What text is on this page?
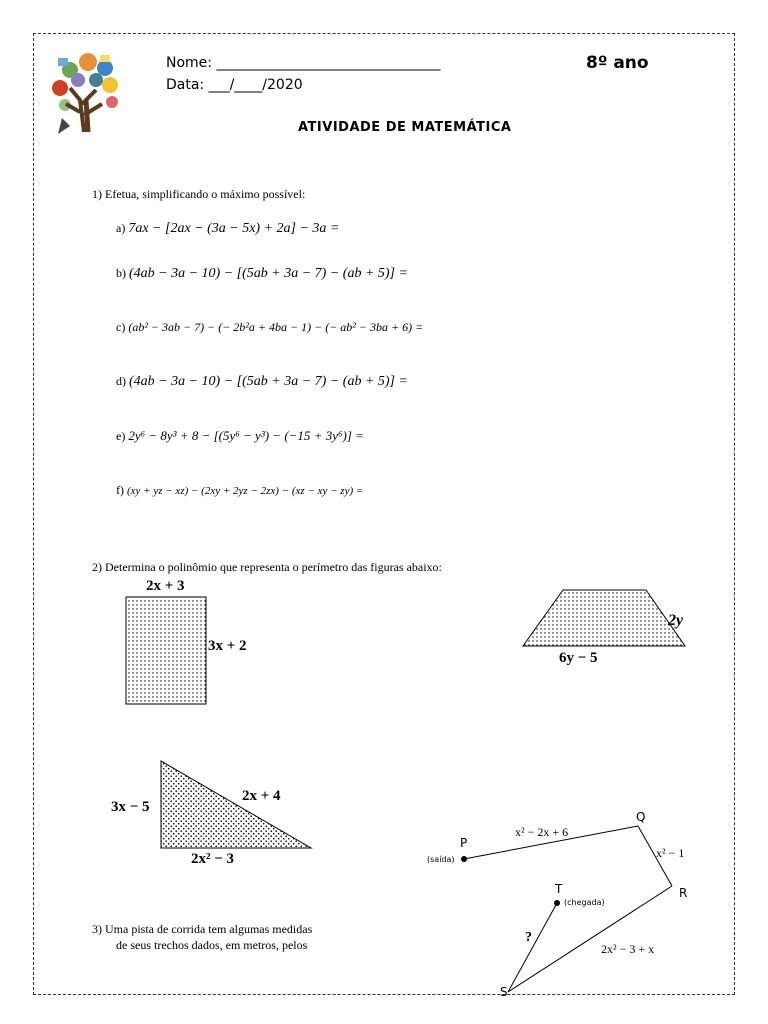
Nome: ________________________________
Data: ___/____/2020
8º ano
ATIVIDADE DE MATEMÁTICA
1) Efetua, simplificando o máximo possível:
a) 7ax − [2ax − (3a − 5x) + 2a] − 3a =
b) (4ab − 3a − 10) − [(5ab + 3a − 7) − (ab + 5)] =
c) (ab² − 3ab − 7) − (− 2b²a + 4ba − 1) − (− ab² − 3ba + 6) =
d) (4ab − 3a − 10) − [(5ab + 3a − 7) − (ab + 5)] =
e) 2y⁶ − 8y³ + 8 − [(5y⁶ − y³) − (−15 + 3y⁶)] =
f) (xy + yz − xz) − (2xy + 2yz − 2zx) − (xz − xy − zy) =
2) Determina o polinômio que representa o perímetro das figuras abaixo:
2x + 3
3x + 2
2y
6y − 5
3x − 5
2x + 4
2x² − 3
3) Uma pista de corrida tem algumas medidas
de seus trechos dados, em metros, pelos
P
(saída)
Q
R
S
T
(chegada)
x² − 2x + 6
x² − 1
2x² − 3 + x
?
